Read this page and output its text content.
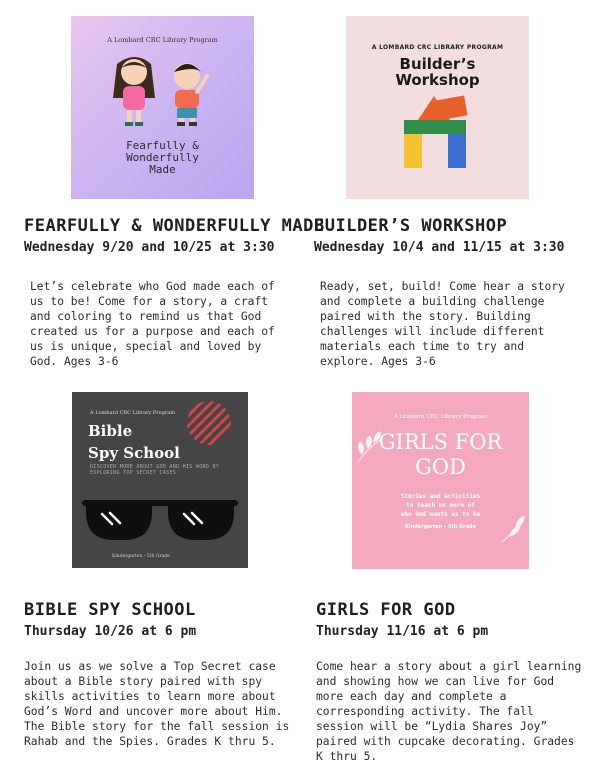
A Lombard CRC Library Program
Fearfully &
Wonderfully
Made
FEARFULLY & WONDERFULLY MADE
Wednesday 9/20 and 10/25 at 3:30
Let’s celebrate who God made each of us to be! Come for a story, a craft and coloring to remind us that God created us for a purpose and each of us is unique, special and loved by God. Ages 3-6
A LOMBARD CRC LIBRARY PROGRAM
Builder’s
Workshop
BUILDER’S WORKSHOP
Wednesday 10/4 and 11/15 at 3:30
Ready, set, build! Come hear a story and complete a building challenge paired with the story. Building challenges will include different materials each time to try and explore. Ages 3-6
A Lombard CRC Library Program
Bible
Spy School
DISCOVER MORE ABOUT GOD AND HIS WORD BY EXPLORING TOP SECRET CASES
Kindergarten - 5th Grade
BIBLE SPY SCHOOL
Thursday 10/26 at 6 pm
Join us as we solve a Top Secret case about a Bible story paired with spy skills activities to learn more about God’s Word and uncover more about Him. The Bible story for the fall session is Rahab and the Spies. Grades K thru 5.
A Lombard CRC Library Program
GIRLS FOR
GOD
Stories and activities
to teach us more of
who God wants us to be
Kindergarten - 5th Grade
GIRLS FOR GOD
Thursday 11/16 at 6 pm
Come hear a story about a girl learning and showing how we can live for God more each day and complete a corresponding activity. The fall session will be “Lydia Shares Joy” paired with cupcake decorating. Grades K thru 5.
